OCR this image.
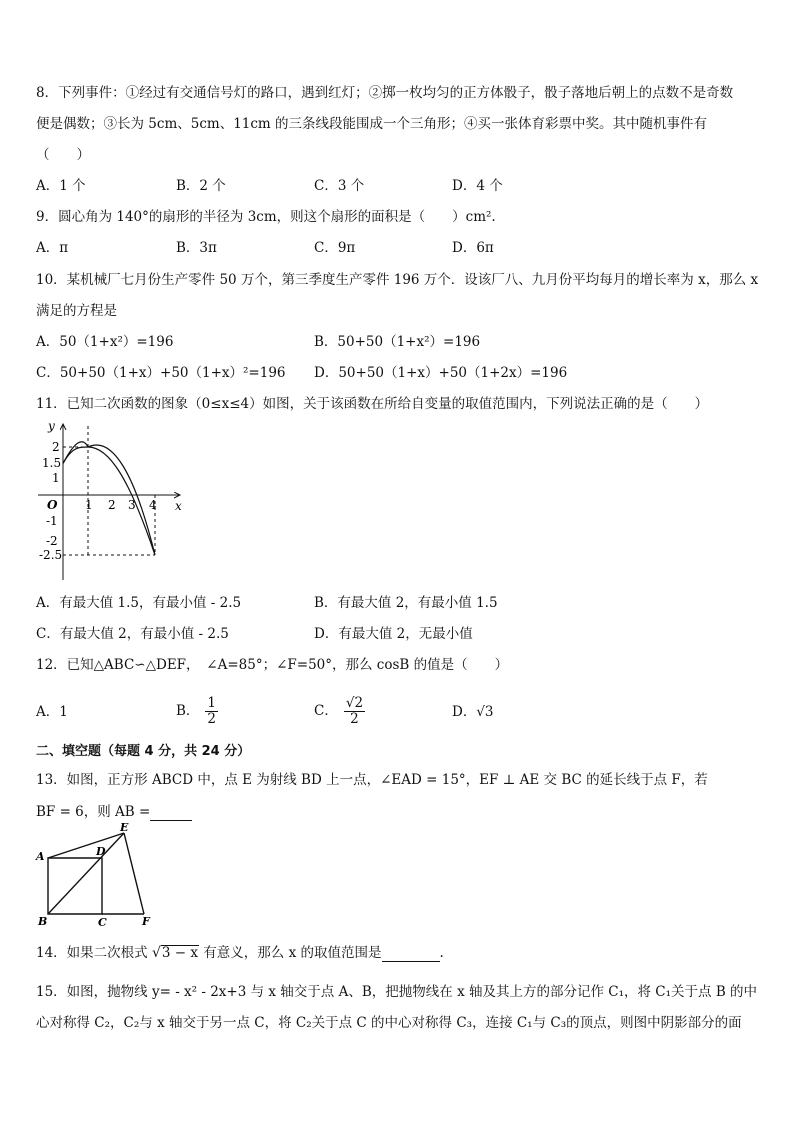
8．下列事件：①经过有交通信号灯的路口，遇到红灯；②掷一枚均匀的正方体骰子，骰子落地后朝上的点数不是奇数
便是偶数；③长为 5cm、5cm、11cm 的三条线段能围成一个三角形；④买一张体育彩票中奖。其中随机事件有
（　　）
A．1 个	B．2 个	C．3 个	D．4 个
9．圆心角为 140°的扇形的半径为 3cm，则这个扇形的面积是（　　）cm².
A．π	B．3π	C．9π	D．6π
10．某机械厂七月份生产零件 50 万个，第三季度生产零件 196 万个．设该厂八、九月份平均每月的增长率为 x，那么 x
满足的方程是
A．50（1+x²）=196	B．50+50（1+x²）=196
C．50+50（1+x）+50（1+x）²=196 D．50+50（1+x）+50（1+2x）=196
11．已知二次函数的图象（0≤x≤4）如图，关于该函数在所给自变量的取值范围内，下列说法正确的是（　　）
y
x
O 1 2 3 4
2
1.5
1
-1
-2
-2.5
A．有最大值 1.5，有最小值 - 2.5	B．有最大值 2，有最小值 1.5
C．有最大值 2，有最小值 - 2.5	D．有最大值 2，无最小值
12．已知△ABC∽△DEF，　∠A=85°；∠F=50°，那么 cosB 的值是（　　）
A．1	B． $\frac{1}{2}$	C． $\frac{√2}{2}$	D．√3
二、填空题（每题 4 分，共 24 分）
13．如图，正方形 ABCD 中，点 E 为射线 BD 上一点，∠EAD = 15°，EF ⊥ AE 交 BC 的延长线于点 F，若
BF = 6，则 AB =
A
B	C
D
E
F
14．如果二次根式 √3 − x 有意义，那么 x 的取值范围是	.
15．如图，抛物线 y= - x² - 2x+3 与 x 轴交于点 A、B，把抛物线在 x 轴及其上方的部分记作 C₁，将 C₁关于点 B 的中
心对称得 C₂，C₂与 x 轴交于另一点 C，将 C₂关于点 C 的中心对称得 C₃，连接 C₁与 C₃的顶点，则图中阴影部分的面
